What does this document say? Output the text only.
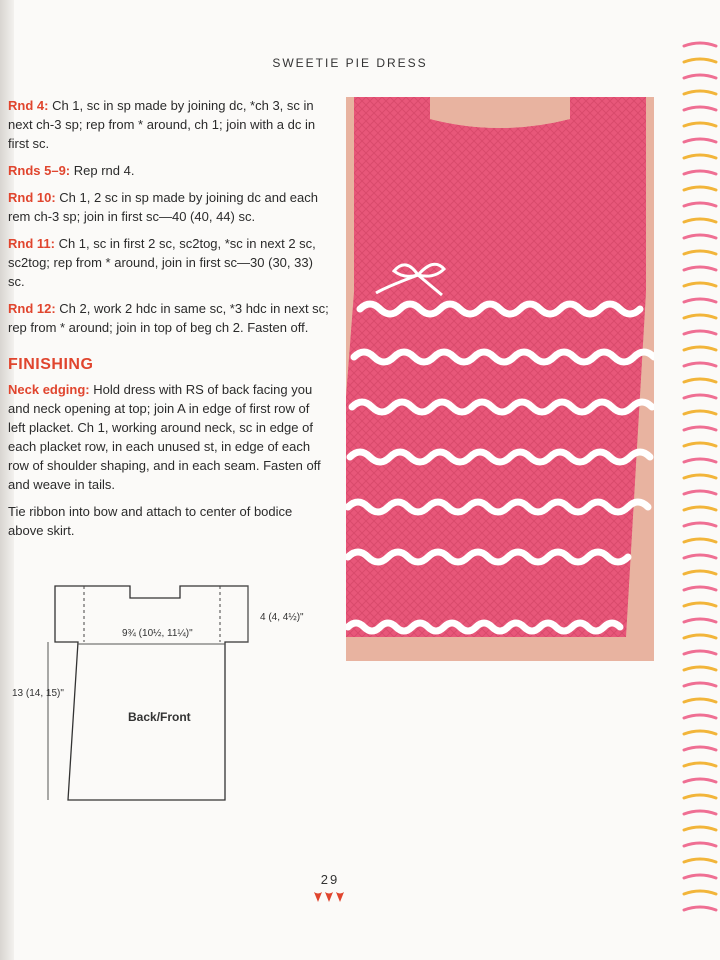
SWEETIE PIE DRESS

Rnd 4: Ch 1, sc in sp made by joining dc, *ch 3, sc in next ch-3 sp; rep from * around, ch 1; join with a dc in first sc.

Rnds 5–9: Rep rnd 4.

Rnd 10: Ch 1, 2 sc in sp made by joining dc and each rem ch-3 sp; join in first sc—40 (40, 44) sc.

Rnd 11: Ch 1, sc in first 2 sc, sc2tog, *sc in next 2 sc, sc2tog; rep from * around, join in first sc—30 (30, 33) sc.

Rnd 12: Ch 2, work 2 hdc in same sc, *3 hdc in next sc; rep from * around; join in top of beg ch 2. Fasten off.

FINISHING

Neck edging: Hold dress with RS of back facing you and neck opening at top; join A in edge of first row of left placket. Ch 1, working around neck, sc in edge of each placket row, in each unused st, in edge of each row of shoulder shaping, and in each seam. Fasten off and weave in tails.

Tie ribbon into bow and attach to center of bodice above skirt.

4 (4, 4½)"
9¾ (10½, 11¼)"
13 (14, 15)"
Back/Front
29
